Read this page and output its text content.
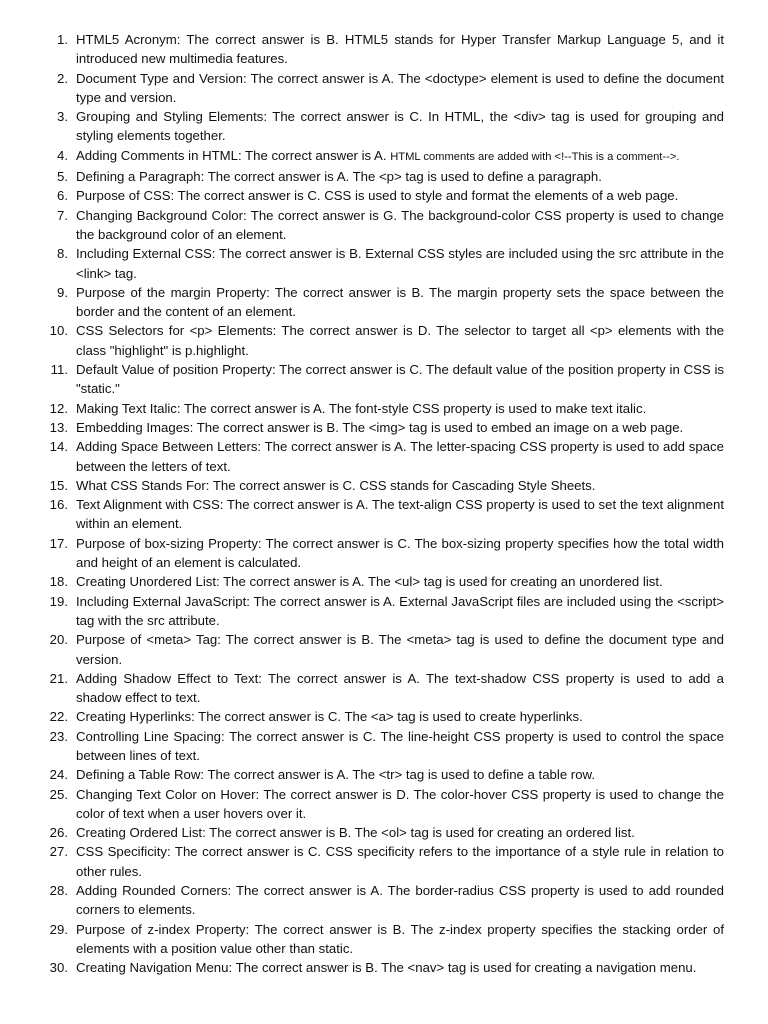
1. HTML5 Acronym: The correct answer is B. HTML5 stands for Hyper Transfer Markup Language 5, and it introduced new multimedia features.
2. Document Type and Version: The correct answer is A. The <doctype> element is used to define the document type and version.
3. Grouping and Styling Elements: The correct answer is C. In HTML, the <div> tag is used for grouping and styling elements together.
4. Adding Comments in HTML: The correct answer is A. HTML comments are added with <!--This is a comment-->.
5. Defining a Paragraph: The correct answer is A. The <p> tag is used to define a paragraph.
6. Purpose of CSS: The correct answer is C. CSS is used to style and format the elements of a web page.
7. Changing Background Color: The correct answer is G. The background-color CSS property is used to change the background color of an element.
8. Including External CSS: The correct answer is B. External CSS styles are included using the src attribute in the <link> tag.
9. Purpose of the margin Property: The correct answer is B. The margin property sets the space between the border and the content of an element.
10. CSS Selectors for <p> Elements: The correct answer is D. The selector to target all <p> elements with the class "highlight" is p.highlight.
11. Default Value of position Property: The correct answer is C. The default value of the position property in CSS is "static."
12. Making Text Italic: The correct answer is A. The font-style CSS property is used to make text italic.
13. Embedding Images: The correct answer is B. The <img> tag is used to embed an image on a web page.
14. Adding Space Between Letters: The correct answer is A. The letter-spacing CSS property is used to add space between the letters of text.
15. What CSS Stands For: The correct answer is C. CSS stands for Cascading Style Sheets.
16. Text Alignment with CSS: The correct answer is A. The text-align CSS property is used to set the text alignment within an element.
17. Purpose of box-sizing Property: The correct answer is C. The box-sizing property specifies how the total width and height of an element is calculated.
18. Creating Unordered List: The correct answer is A. The <ul> tag is used for creating an unordered list.
19. Including External JavaScript: The correct answer is A. External JavaScript files are included using the <script> tag with the src attribute.
20. Purpose of <meta> Tag: The correct answer is B. The <meta> tag is used to define the document type and version.
21. Adding Shadow Effect to Text: The correct answer is A. The text-shadow CSS property is used to add a shadow effect to text.
22. Creating Hyperlinks: The correct answer is C. The <a> tag is used to create hyperlinks.
23. Controlling Line Spacing: The correct answer is C. The line-height CSS property is used to control the space between lines of text.
24. Defining a Table Row: The correct answer is A. The <tr> tag is used to define a table row.
25. Changing Text Color on Hover: The correct answer is D. The color-hover CSS property is used to change the color of text when a user hovers over it.
26. Creating Ordered List: The correct answer is B. The <ol> tag is used for creating an ordered list.
27. CSS Specificity: The correct answer is C. CSS specificity refers to the importance of a style rule in relation to other rules.
28. Adding Rounded Corners: The correct answer is A. The border-radius CSS property is used to add rounded corners to elements.
29. Purpose of z-index Property: The correct answer is B. The z-index property specifies the stacking order of elements with a position value other than static.
30. Creating Navigation Menu: The correct answer is B. The <nav> tag is used for creating a navigation menu.
